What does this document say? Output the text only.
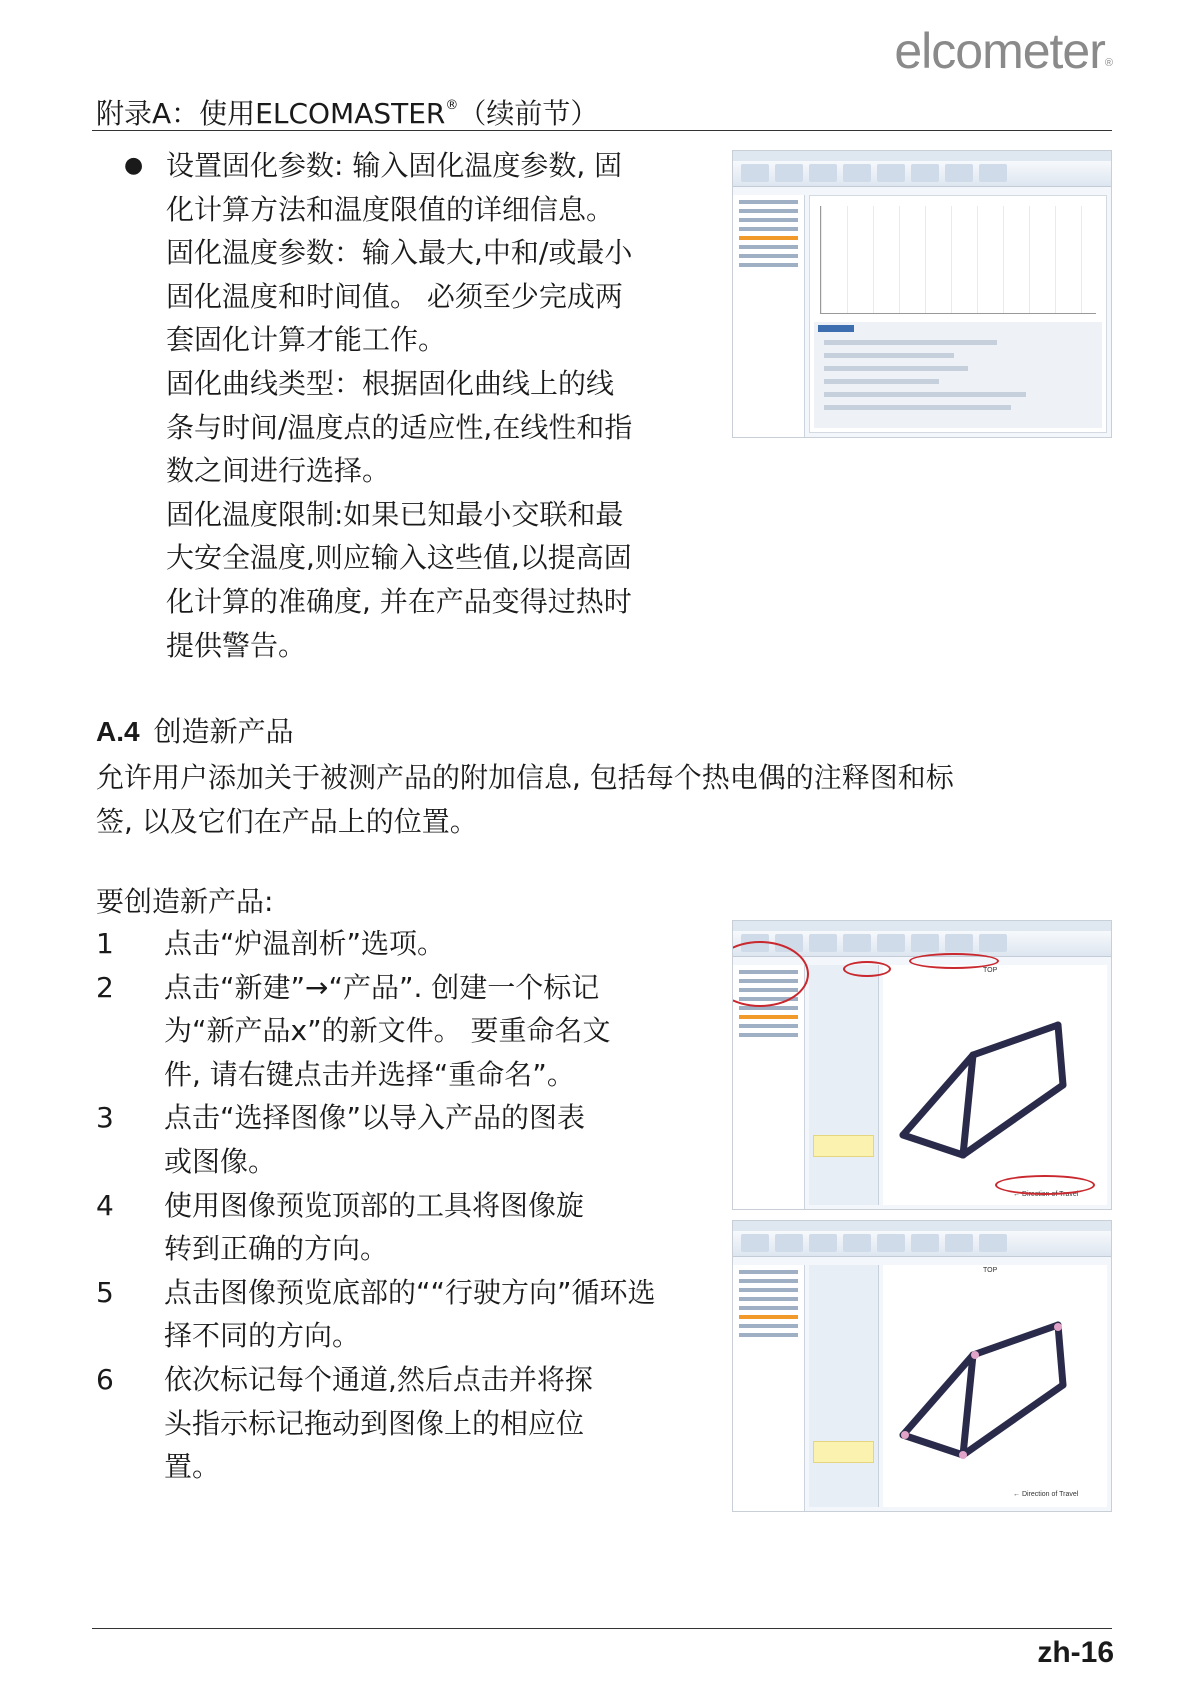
elcometer®
附录A：使用ELCOMASTER®（续前节）
● 设置固化参数: 输入固化温度参数, 固

化计算方法和温度限值的详细信息。

固化温度参数：输入最大,中和/或最小

固化温度和时间值。 必须至少完成两

套固化计算才能工作。

固化曲线类型：根据固化曲线上的线

条与时间/温度点的适应性,在线性和指

数之间进行选择。

固化温度限制:如果已知最小交联和最

大安全温度,则应输入这些值,以提高固

化计算的准确度, 并在产品变得过热时

提供警告。

A.4 创造新产品

允许用户添加关于被测产品的附加信息, 包括每个热电偶的注释图和标

签, 以及它们在产品上的位置。

要创造新产品:
1 点击“炉温剖析”选项。

2 点击“新建”→“产品”. 创建一个标记

为“新产品x”的新文件。 要重命名文

件, 请右键点击并选择“重命名”。

3 点击“选择图像”以导入产品的图表

或图像。

4 使用图像预览顶部的工具将图像旋

转到正确的方向。

5 点击图像预览底部的““行驶方向”循环选

择不同的方向。

6 依次标记每个通道,然后点击并将探

头指示标记拖动到图像上的相应位

置。

TOP
← Direction of Travel
TOP
← Direction of Travel
zh-16
